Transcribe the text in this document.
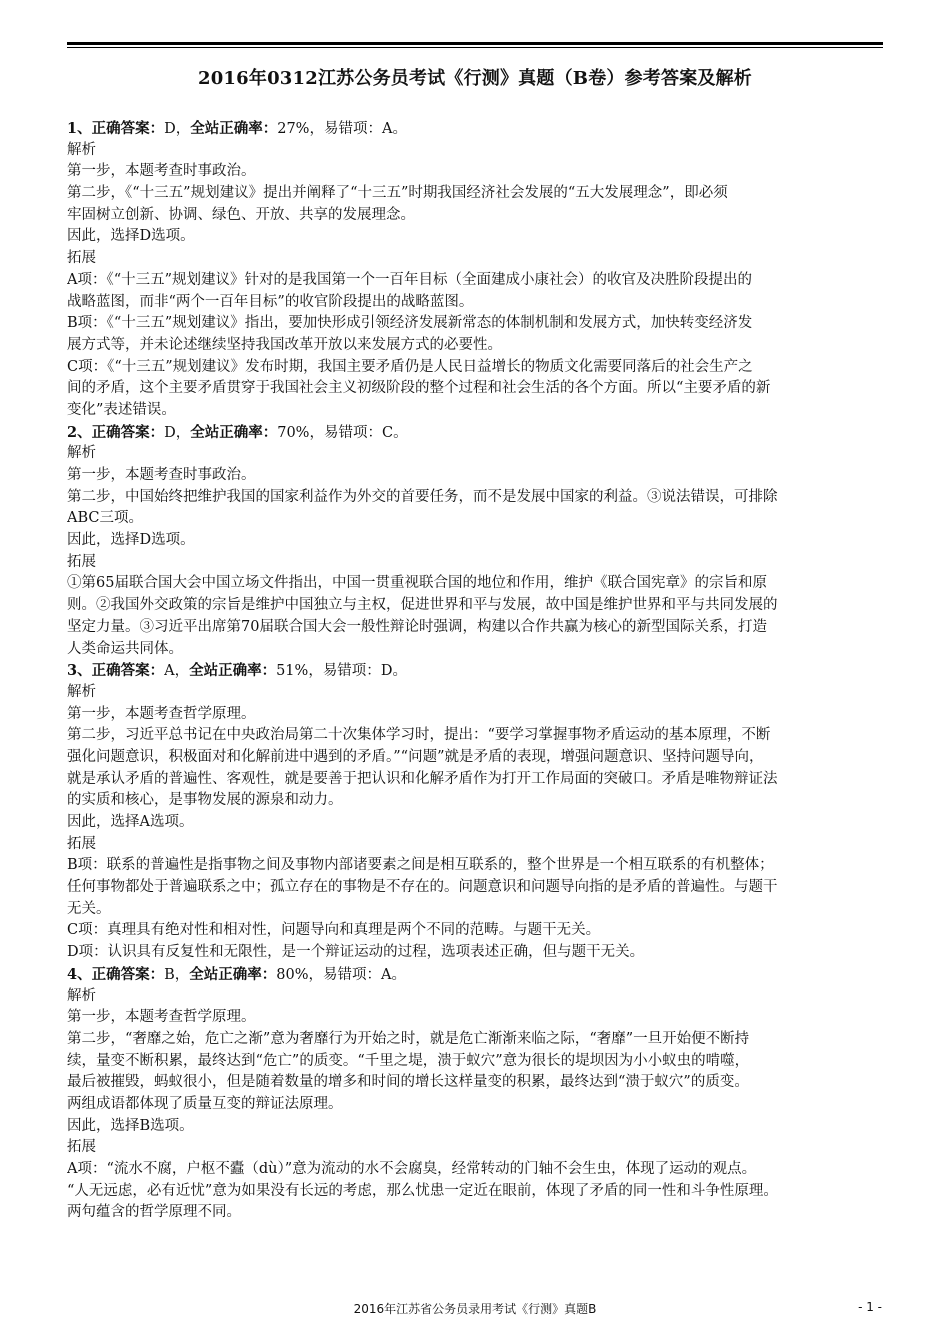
2016年0312江苏公务员考试《行测》真题（B卷）参考答案及解析
1、正确答案：D，全站正确率：27%，易错项：A。
解析
第一步，本题考查时事政治。
第二步，《“十三五”规划建议》提出并阐释了“十三五”时期我国经济社会发展的“五大发展理念”，即必须
牢固树立创新、协调、绿色、开放、共享的发展理念。
因此，选择D选项。
拓展
A项：《“十三五”规划建议》针对的是我国第一个一百年目标（全面建成小康社会）的收官及决胜阶段提出的
战略蓝图，而非“两个一百年目标”的收官阶段提出的战略蓝图。
B项：《“十三五”规划建议》指出，要加快形成引领经济发展新常态的体制机制和发展方式，加快转变经济发
展方式等，并未论述继续坚持我国改革开放以来发展方式的必要性。
C项：《“十三五”规划建议》发布时期，我国主要矛盾仍是人民日益增长的物质文化需要同落后的社会生产之
间的矛盾，这个主要矛盾贯穿于我国社会主义初级阶段的整个过程和社会生活的各个方面。所以“主要矛盾的新
变化”表述错误。
2、正确答案：D，全站正确率：70%，易错项：C。
解析
第一步，本题考查时事政治。
第二步，中国始终把维护我国的国家利益作为外交的首要任务，而不是发展中国家的利益。③说法错误，可排除
ABC三项。
因此，选择D选项。
拓展
①第65届联合国大会中国立场文件指出，中国一贯重视联合国的地位和作用，维护《联合国宪章》的宗旨和原
则。②我国外交政策的宗旨是维护中国独立与主权，促进世界和平与发展，故中国是维护世界和平与共同发展的
坚定力量。③习近平出席第70届联合国大会一般性辩论时强调，构建以合作共赢为核心的新型国际关系，打造
人类命运共同体。
3、正确答案：A，全站正确率：51%，易错项：D。
解析
第一步，本题考查哲学原理。
第二步，习近平总书记在中央政治局第二十次集体学习时，提出：“要学习掌握事物矛盾运动的基本原理，不断
强化问题意识，积极面对和化解前进中遇到的矛盾。”“问题”就是矛盾的表现，增强问题意识、坚持问题导向，
就是承认矛盾的普遍性、客观性，就是要善于把认识和化解矛盾作为打开工作局面的突破口。矛盾是唯物辩证法
的实质和核心，是事物发展的源泉和动力。
因此，选择A选项。
拓展
B项：联系的普遍性是指事物之间及事物内部诸要素之间是相互联系的，整个世界是一个相互联系的有机整体；
任何事物都处于普遍联系之中；孤立存在的事物是不存在的。问题意识和问题导向指的是矛盾的普遍性。与题干
无关。
C项：真理具有绝对性和相对性，问题导向和真理是两个不同的范畴。与题干无关。
D项：认识具有反复性和无限性，是一个辩证运动的过程，选项表述正确，但与题干无关。
4、正确答案：B，全站正确率：80%，易错项：A。
解析
第一步，本题考查哲学原理。
第二步，“奢靡之始，危亡之渐”意为奢靡行为开始之时，就是危亡渐渐来临之际，“奢靡”一旦开始便不断持
续，量变不断积累，最终达到“危亡”的质变。“千里之堤，溃于蚁穴”意为很长的堤坝因为小小蚁虫的啃噬，
最后被摧毁，蚂蚁很小，但是随着数量的增多和时间的增长这样量变的积累，最终达到“溃于蚁穴”的质变。
两组成语都体现了质量互变的辩证法原理。
因此，选择B选项。
拓展
A项：“流水不腐，户枢不蠹（dù）”意为流动的水不会腐臭，经常转动的门轴不会生虫，体现了运动的观点。
“人无远虑，必有近忧”意为如果没有长远的考虑，那么忧患一定近在眼前，体现了矛盾的同一性和斗争性原理。
两句蕴含的哲学原理不同。
2016年江苏省公务员录用考试《行测》真题B	- 1 -
